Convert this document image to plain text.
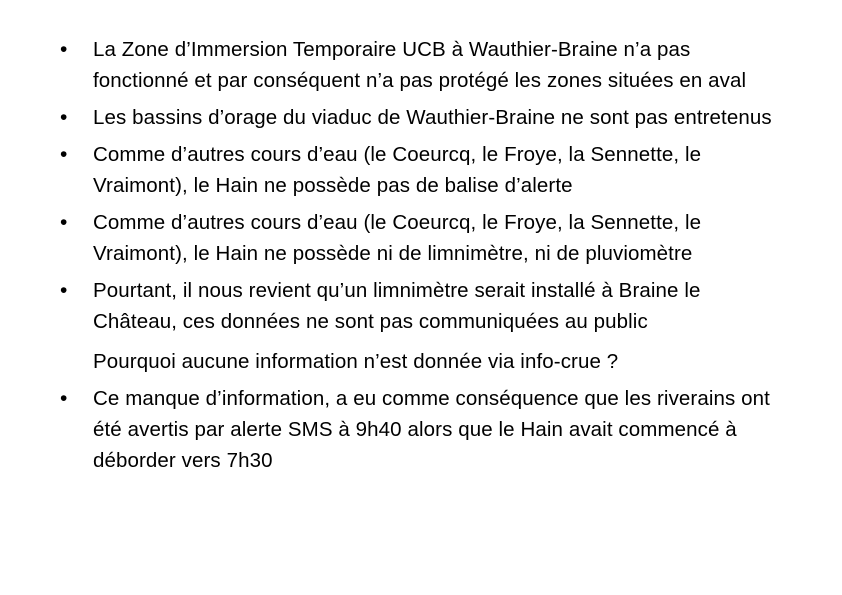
•	La Zone d’Immersion Temporaire UCB à Wauthier-Braine n’a pas fonctionné et par conséquent n’a pas protégé les zones situées en aval
•	Les bassins d’orage du viaduc de Wauthier-Braine ne sont pas entretenus
•	Comme d’autres cours d’eau (le Coeurcq, le Froye, la Sennette, le Vraimont), le Hain ne possède pas de balise d’alerte
•	Comme d’autres cours d’eau (le Coeurcq, le Froye, la Sennette, le Vraimont), le Hain ne possède ni de limnimètre, ni de pluviomètre
•	Pourtant, il nous revient qu’un limnimètre serait installé à Braine le Château, ces données ne sont pas communiquées au public
Pourquoi aucune information n’est donnée via info-crue ?
•	Ce manque d’information, a eu comme conséquence que les riverains ont été avertis par alerte SMS à 9h40 alors que le Hain avait commencé à déborder vers 7h30
